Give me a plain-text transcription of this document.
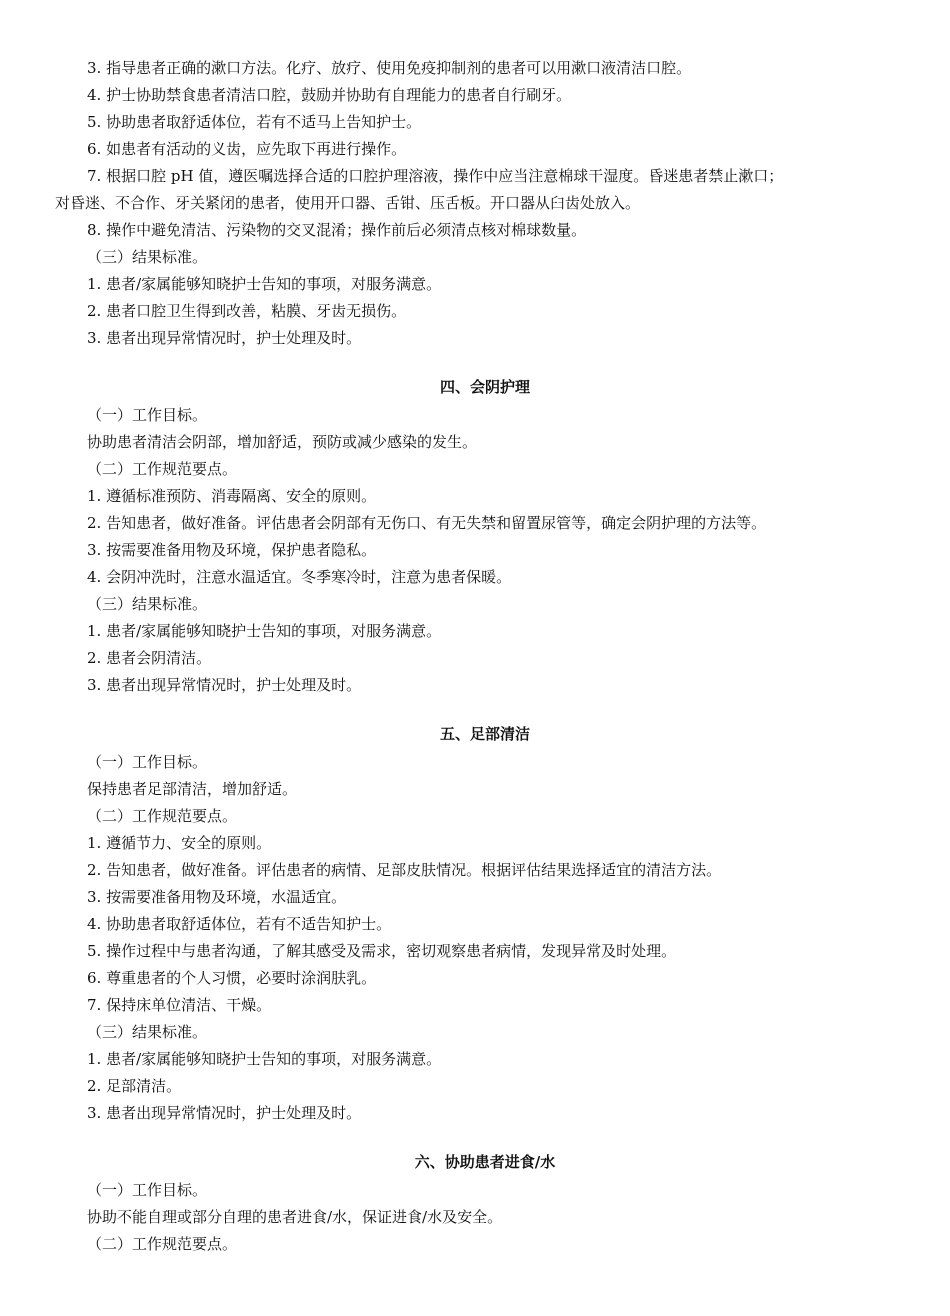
3. 指导患者正确的漱口方法。化疗、放疗、使用免疫抑制剂的患者可以用漱口液清洁口腔。
4. 护士协助禁食患者清洁口腔，鼓励并协助有自理能力的患者自行刷牙。
5. 协助患者取舒适体位，若有不适马上告知护士。
6. 如患者有活动的义齿，应先取下再进行操作。
7. 根据口腔 pH 值，遵医嘱选择合适的口腔护理溶液，操作中应当注意棉球干湿度。昏迷患者禁止漱口；
对昏迷、不合作、牙关紧闭的患者，使用开口器、舌钳、压舌板。开口器从臼齿处放入。
8. 操作中避免清洁、污染物的交叉混淆；操作前后必须清点核对棉球数量。
（三）结果标准。
1. 患者/家属能够知晓护士告知的事项，对服务满意。
2. 患者口腔卫生得到改善，粘膜、牙齿无损伤。
3. 患者出现异常情况时，护士处理及时。
四、会阴护理
（一）工作目标。
协助患者清洁会阴部，增加舒适，预防或减少感染的发生。
（二）工作规范要点。
1. 遵循标准预防、消毒隔离、安全的原则。
2. 告知患者，做好准备。评估患者会阴部有无伤口、有无失禁和留置尿管等，确定会阴护理的方法等。
3. 按需要准备用物及环境，保护患者隐私。
4. 会阴冲洗时，注意水温适宜。冬季寒冷时，注意为患者保暖。
（三）结果标准。
1. 患者/家属能够知晓护士告知的事项，对服务满意。
2. 患者会阴清洁。
3. 患者出现异常情况时，护士处理及时。
五、足部清洁
（一）工作目标。
保持患者足部清洁，增加舒适。
（二）工作规范要点。
1. 遵循节力、安全的原则。
2. 告知患者，做好准备。评估患者的病情、足部皮肤情况。根据评估结果选择适宜的清洁方法。
3. 按需要准备用物及环境，水温适宜。
4. 协助患者取舒适体位，若有不适告知护士。
5. 操作过程中与患者沟通，了解其感受及需求，密切观察患者病情，发现异常及时处理。
6. 尊重患者的个人习惯，必要时涂润肤乳。
7. 保持床单位清洁、干燥。
（三）结果标准。
1. 患者/家属能够知晓护士告知的事项，对服务满意。
2. 足部清洁。
3. 患者出现异常情况时，护士处理及时。
六、协助患者进食/水
（一）工作目标。
协助不能自理或部分自理的患者进食/水，保证进食/水及安全。
（二）工作规范要点。
